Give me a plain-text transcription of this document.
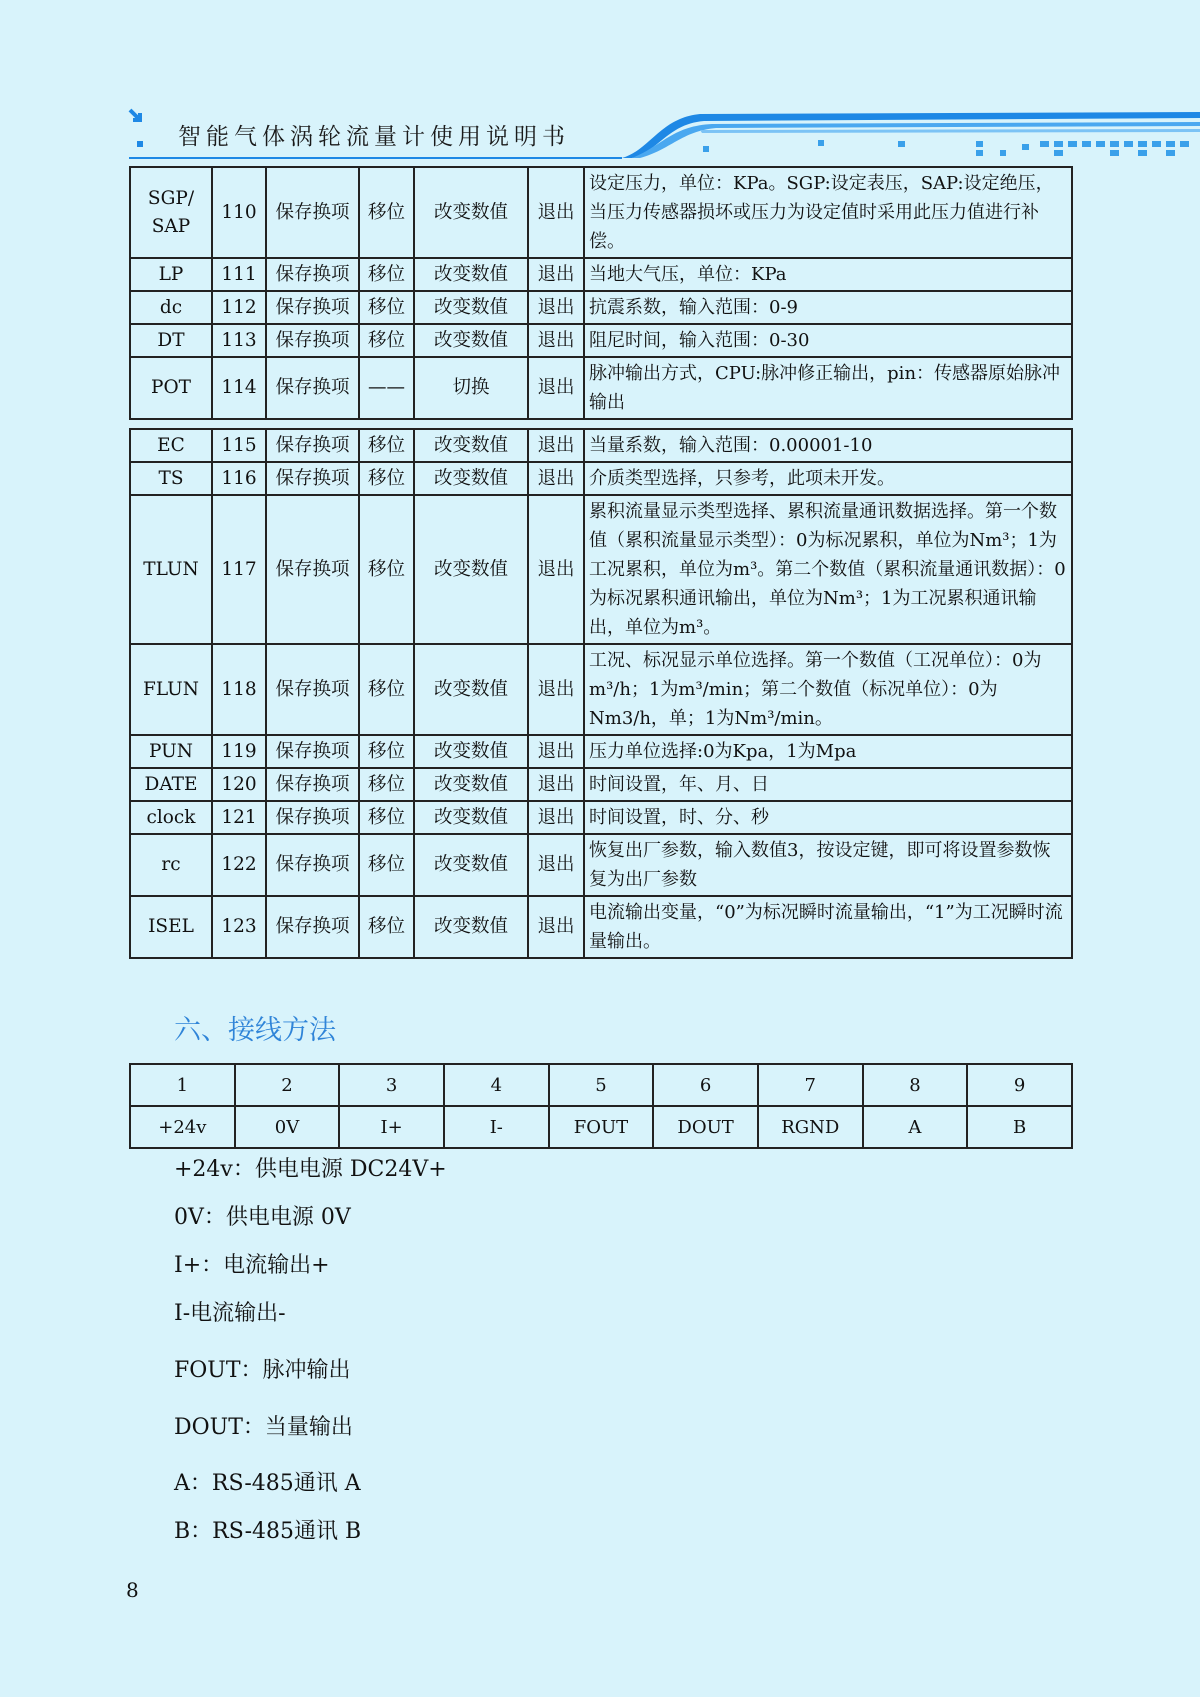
智能气体涡轮流量计使用说明书
SGP/
SAP	110	保存换项	移位	改变数值	退出	设定压力，单位：KPa。SGP:设定表压，SAP:设定绝压，当压力传感器损坏或压力为设定值时采用此压力值进行补偿。
LP	111	保存换项	移位	改变数值	退出	当地大气压，单位：KPa
dc	112	保存换项	移位	改变数值	退出	抗震系数，输入范围：0-9
DT	113	保存换项	移位	改变数值	退出	阻尼时间，输入范围：0-30
POT	114	保存换项	——	切换	退出	脉冲输出方式，CPU:脉冲修正输出，pin：传感器原始脉冲输出
EC	115	保存换项	移位	改变数值	退出	当量系数，输入范围：0.00001-10
TS	116	保存换项	移位	改变数值	退出	介质类型选择，只参考，此项未开发。
TLUN	117	保存换项	移位	改变数值	退出	累积流量显示类型选择、累积流量通讯数据选择。第一个数值（累积流量显示类型）：0为标况累积，单位为Nm³；1为工况累积，单位为m³。第二个数值（累积流量通讯数据）：0为标况累积通讯输出，单位为Nm³；1为工况累积通讯输出，单位为m³。
FLUN	118	保存换项	移位	改变数值	退出	工况、标况显示单位选择。第一个数值（工况单位）：0为m³/h；1为m³/min；第二个数值（标况单位）：0为Nm3/h，单；1为Nm³/min。
PUN	119	保存换项	移位	改变数值	退出	压力单位选择:0为Kpa，1为Mpa
DATE	120	保存换项	移位	改变数值	退出	时间设置，年、月、日
clock	121	保存换项	移位	改变数值	退出	时间设置，时、分、秒
rc	122	保存换项	移位	改变数值	退出	恢复出厂参数，输入数值3，按设定键，即可将设置参数恢复为出厂参数
ISEL	123	保存换项	移位	改变数值	退出	电流输出变量，“0”为标况瞬时流量输出，“1”为工况瞬时流量输出。
六、接线方法
1	2	3	4	5	6	7	8	9
+24v	0V	I+	I-	FOUT	DOUT	RGND	A	B
+24v：供电电源 DC24V+
0V：供电电源 0V
I+：电流输出+
I-电流输出-
FOUT：脉冲输出
DOUT：当量输出
A：RS-485通讯 A
B：RS-485通讯 B
8
